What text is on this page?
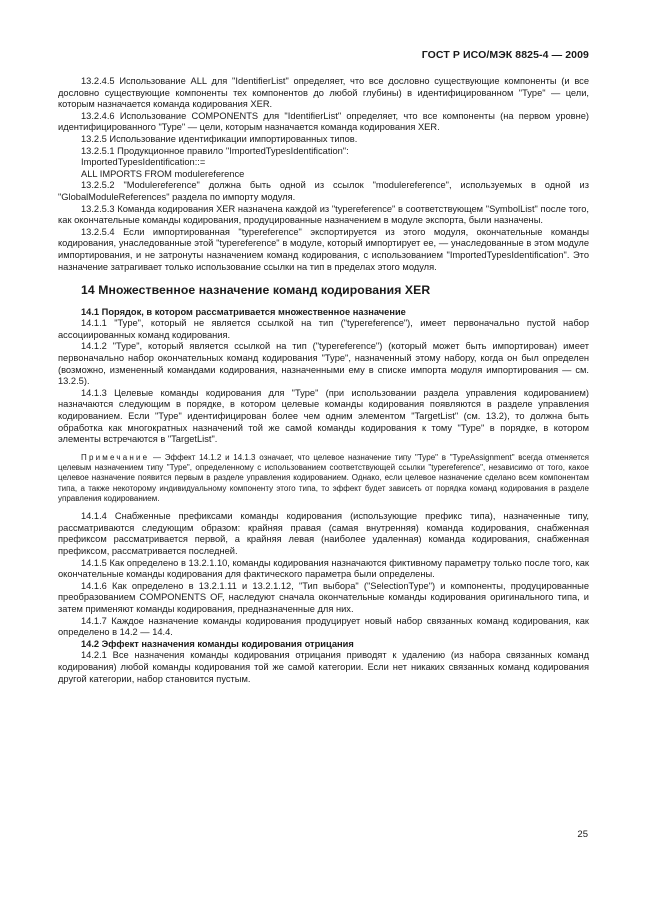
ГОСТ Р ИСО/МЭК 8825-4 — 2009

13.2.4.5 Использование ALL для "IdentifierList" определяет, что все дословно существующие компоненты (и все дословно существующие компоненты тех компонентов до любой глубины) в идентифицированном "Type" — цели, которым назначается команда кодирования XER.

13.2.4.6 Использование COMPONENTS для "IdentifierList" определяет, что все компоненты (на первом уровне) идентифицированного "Type" — цели, которым назначается команда кодирования XER.

13.2.5 Использование идентификации импортированных типов.

13.2.5.1 Продукционное правило "ImportedTypesIdentification":

ImportedTypesIdentification::=

ALL IMPORTS FROM modulereference

13.2.5.2 "Modulereference" должна быть одной из ссылок "modulereference", используемых в одной из "GlobalModuleReferences" раздела по импорту модуля.

13.2.5.3 Команда кодирования XER назначена каждой из "typereference" в соответствующем "SymbolList" после того, как окончательные команды кодирования, продуцированные назначением в модуле экспорта, были назначены.

13.2.5.4 Если импортированная "typereference" экспортируется из этого модуля, окончательные команды кодирования, унаследованные этой "typereference" в модуле, который импортирует ее, — унаследованные в этом модуле импортирования, и не затронуты назначением команд кодирования, с использованием "ImportedTypesIdentification". Это назначение затрагивает только использование ссылки на тип в пределах этого модуля.

14 Множественное назначение команд кодирования XER

14.1 Порядок, в котором рассматривается множественное назначение

14.1.1 "Type", который не является ссылкой на тип ("typereference"), имеет первоначально пустой набор ассоциированных команд кодирования.

14.1.2 "Type", который является ссылкой на тип ("typereference") (который может быть импортирован) имеет первоначально набор окончательных команд кодирования "Type", назначенный этому набору, когда он был определен (возможно, измененный командами кодирования, назначенными ему в списке импорта модуля импортирования — см. 13.2.5).

14.1.3 Целевые команды кодирования для "Type" (при использовании раздела управления кодированием) назначаются следующим в порядке, в котором целевые команды кодирования появляются в разделе управления кодированием. Если "Type" идентифицирован более чем одним элементом "TargetList" (см. 13.2), то должна быть обработка как многократных назначений той же самой команды кодирования к тому "Type" в порядке, в котором элементы встречаются в "TargetList".

Примечание — Эффект 14.1.2 и 14.1.3 означает, что целевое назначение типу "Type" в "TypeAssignment" всегда отменяется целевым назначением типу "Type", определенному с использованием соответствующей ссылки "typereference", независимо от того, какое целевое назначение появится первым в разделе управления кодированием. Однако, если целевое назначение сделано всем компонентам типа, а также некоторому индивидуальному компоненту этого типа, то эффект будет зависеть от порядка команд кодирования в разделе управления кодированием.

14.1.4 Снабженные префиксами команды кодирования (использующие префикс типа), назначенные типу, рассматриваются следующим образом: крайняя правая (самая внутренняя) команда кодирования, снабженная префиксом рассматривается первой, а крайняя левая (наиболее удаленная) команда кодирования, снабженная префиксом, рассматривается последней.

14.1.5 Как определено в 13.2.1.10, команды кодирования назначаются фиктивному параметру только после того, как окончательные команды кодирования для фактического параметра были определены.

14.1.6 Как определено в 13.2.1.11 и 13.2.1.12, "Тип выбора" ("SelectionType") и компоненты, продуцированные преобразованием COMPONENTS OF, наследуют сначала окончательные команды кодирования оригинального типа, и затем применяют команды кодирования, предназначенные для них.

14.1.7 Каждое назначение команды кодирования продуцирует новый набор связанных команд кодирования, как определено в 14.2 — 14.4.

14.2 Эффект назначения команды кодирования отрицания

14.2.1 Все назначения команды кодирования отрицания приводят к удалению (из набора связанных команд кодирования) любой команды кодирования той же самой категории. Если нет никаких связанных команд кодирования другой категории, набор становится пустым.

25
